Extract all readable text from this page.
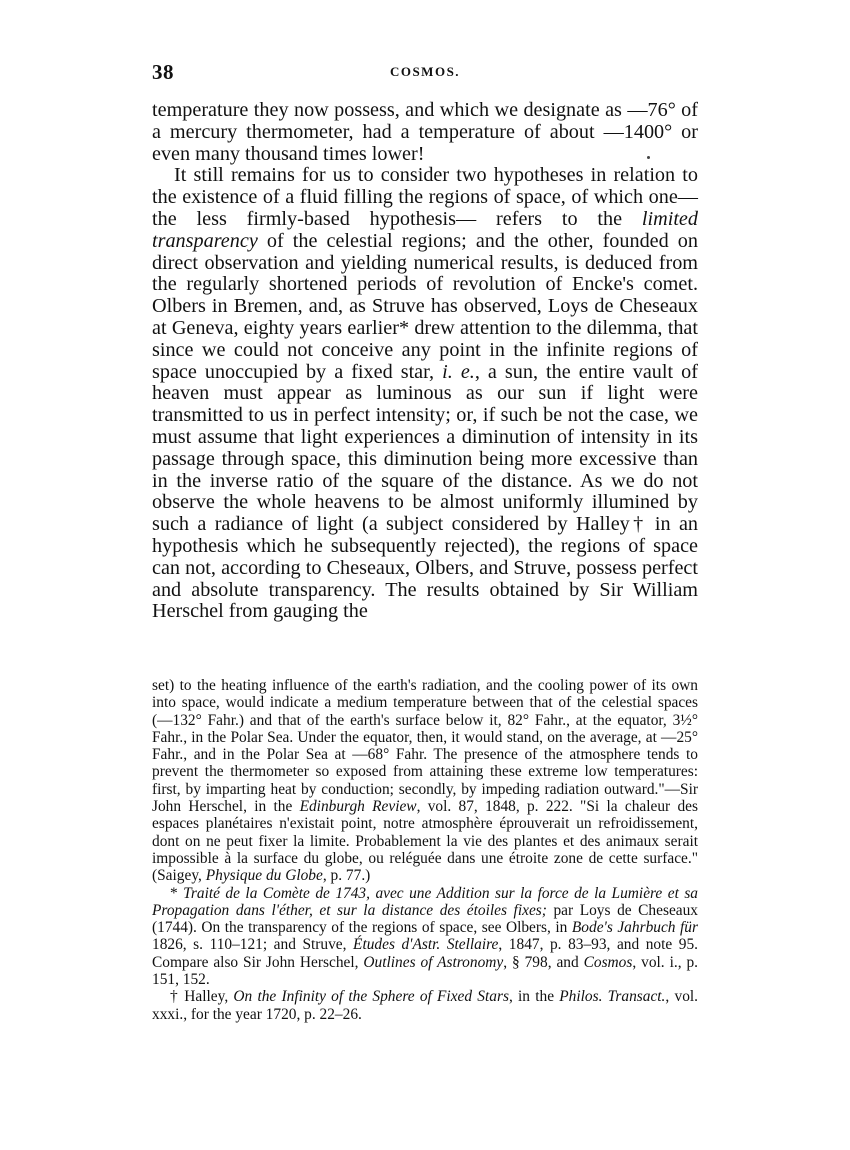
38	COSMOS.

temperature they now possess, and which we designate as —76° of a mercury thermometer, had a temperature of about —1400° or even many thousand times lower!

It still remains for us to consider two hypotheses in relation to the existence of a fluid filling the regions of space, of which one—the less firmly-based hypothesis— refers to the limited transparency of the celestial regions; and the other, founded on direct observation and yielding numerical results, is deduced from the regularly shortened periods of revolution of Encke's comet. Olbers in Bremen, and, as Struve has observed, Loys de Cheseaux at Geneva, eighty years earlier* drew attention to the dilemma, that since we could not conceive any point in the infinite regions of space unoccupied by a fixed star, i. e., a sun, the entire vault of heaven must appear as luminous as our sun if light were transmitted to us in perfect intensity; or, if such be not the case, we must assume that light experiences a diminution of intensity in its passage through space, this diminution being more excessive than in the inverse ratio of the square of the distance. As we do not observe the whole heavens to be almost uniformly illumined by such a radiance of light (a subject considered by Halley† in an hypothesis which he subsequently rejected), the regions of space can not, according to Cheseaux, Olbers, and Struve, possess perfect and absolute transparency. The results obtained by Sir William Herschel from gauging the

set) to the heating influence of the earth's radiation, and the cooling power of its own into space, would indicate a medium temperature between that of the celestial spaces (—132° Fahr.) and that of the earth's surface below it, 82° Fahr., at the equator, 3½° Fahr., in the Polar Sea. Under the equator, then, it would stand, on the average, at —25° Fahr., and in the Polar Sea at —68° Fahr. The presence of the atmosphere tends to prevent the thermometer so exposed from attaining these extreme low temperatures: first, by imparting heat by conduction; secondly, by impeding radiation outward."—Sir John Herschel, in the Edinburgh Review, vol. 87, 1848, p. 222. "Si la chaleur des espaces planétaires n'existait point, notre atmosphère éprouverait un refroidissement, dont on ne peut fixer la limite. Probablement la vie des plantes et des animaux serait impossible à la surface du globe, ou reléguée dans une étroite zone de cette surface." (Saigey, Physique du Globe, p. 77.)

* Traité de la Comète de 1743, avec une Addition sur la force de la Lumière et sa Propagation dans l'éther, et sur la distance des étoiles fixes; par Loys de Cheseaux (1744). On the transparency of the regions of space, see Olbers, in Bode's Jahrbuch für 1826, s. 110–121; and Struve, Études d'Astr. Stellaire, 1847, p. 83–93, and note 95. Compare also Sir John Herschel, Outlines of Astronomy, § 798, and Cosmos, vol. i., p. 151, 152.

† Halley, On the Infinity of the Sphere of Fixed Stars, in the Philos. Transact., vol. xxxi., for the year 1720, p. 22–26.
